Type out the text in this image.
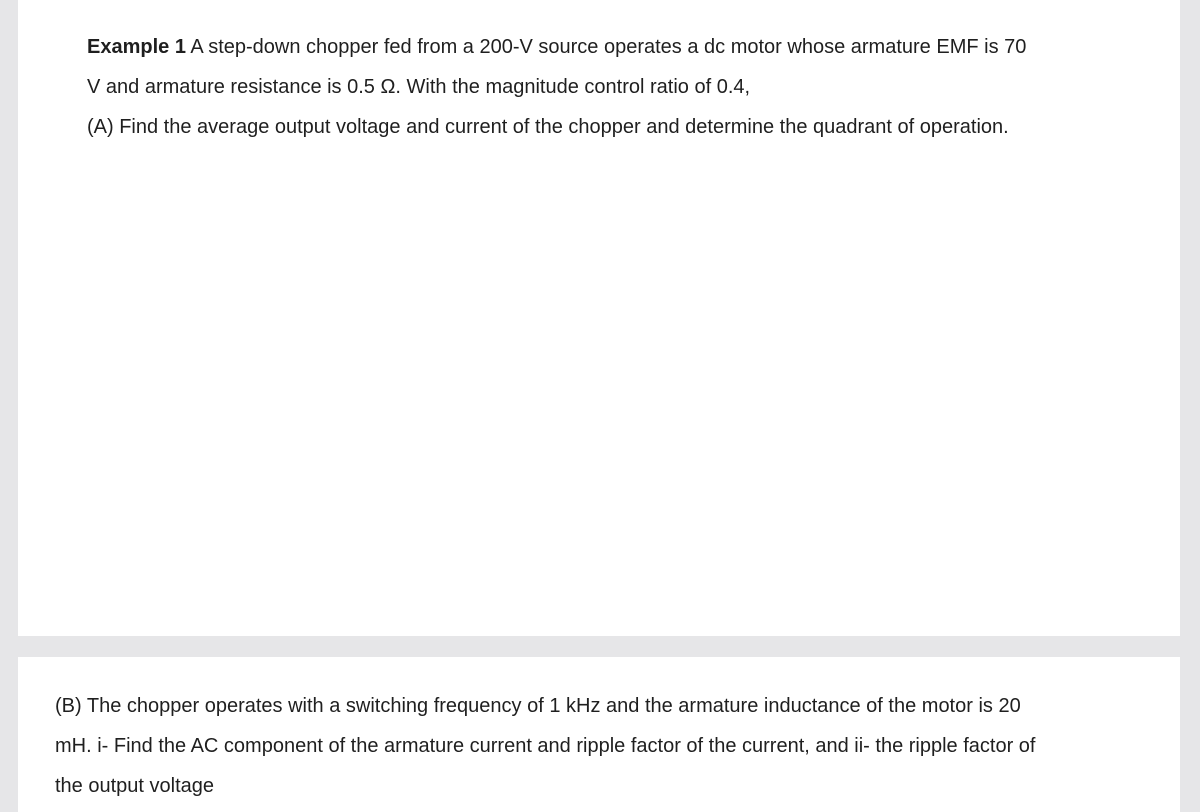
Example 1 A step-down chopper fed from a 200-V source operates a dc motor whose armature EMF is 70
V and armature resistance is 0.5 Ω. With the magnitude control ratio of 0.4,
(A) Find the average output voltage and current of the chopper and determine the quadrant of operation.

(B) The chopper operates with a switching frequency of 1 kHz and the armature inductance of the motor is 20
mH. i- Find the AC component of the armature current and ripple factor of the current, and ii- the ripple factor of
the output voltage
